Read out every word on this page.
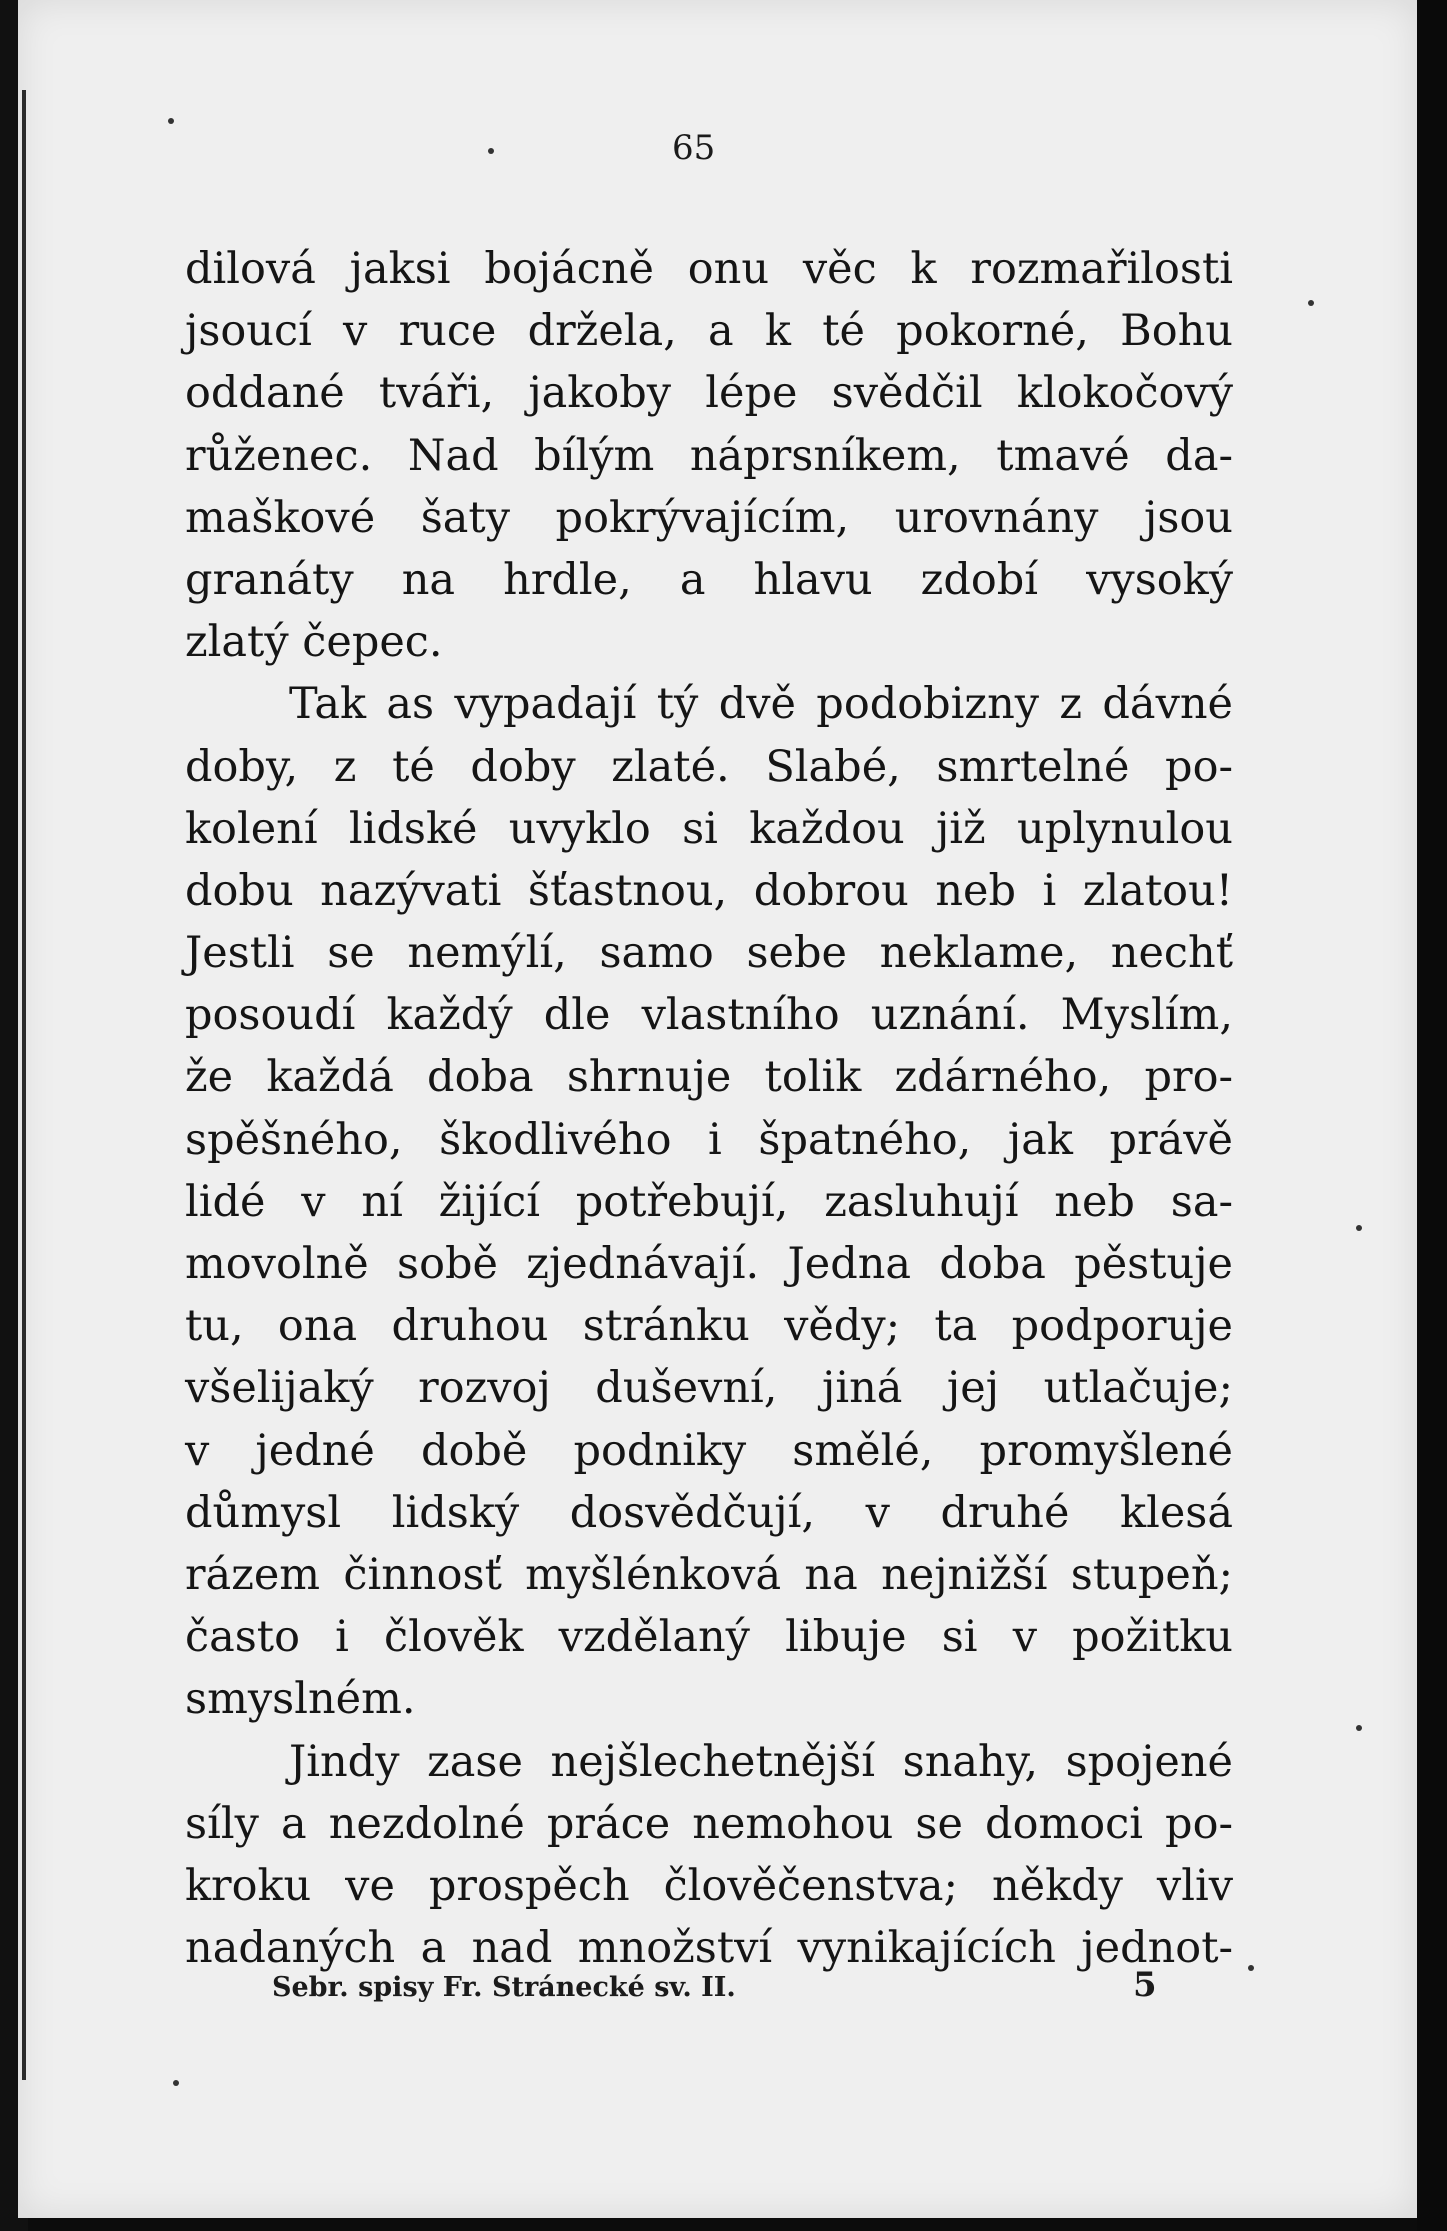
65
dilová jaksi bojácně onu věc k rozmařilosti
jsoucí v ruce držela, a k té pokorné, Bohu
oddané tváři, jakoby lépe svědčil klokočový
růženec. Nad bílým náprsníkem, tmavé da-
maškové šaty pokrývajícím, urovnány jsou
granáty na hrdle, a hlavu zdobí vysoký
zlatý čepec.
Tak as vypadají tý dvě podobizny z dávné
doby, z té doby zlaté. Slabé, smrtelné po-
kolení lidské uvyklo si každou již uplynulou
dobu nazývati šťastnou, dobrou neb i zlatou!
Jestli se nemýlí, samo sebe neklame, nechť
posoudí každý dle vlastního uznání. Myslím,
že každá doba shrnuje tolik zdárného, pro-
spěšného, škodlivého i špatného, jak právě
lidé v ní žijící potřebují, zasluhují neb sa-
movolně sobě zjednávají. Jedna doba pěstuje
tu, ona druhou stránku vědy; ta podporuje
všelijaký rozvoj duševní, jiná jej utlačuje;
v jedné době podniky smělé, promyšlené
důmysl lidský dosvědčují, v druhé klesá
rázem činnosť myšlénková na nejnižší stupeň;
často i člověk vzdělaný libuje si v požitku
smyslném.
Jindy zase nejšlechetnější snahy, spojené
síly a nezdolné práce nemohou se domoci po-
kroku ve prospěch člověčenstva; někdy vliv
nadaných a nad množství vynikajících jednot-
Sebr. spisy Fr. Stránecké sv. II.	5
